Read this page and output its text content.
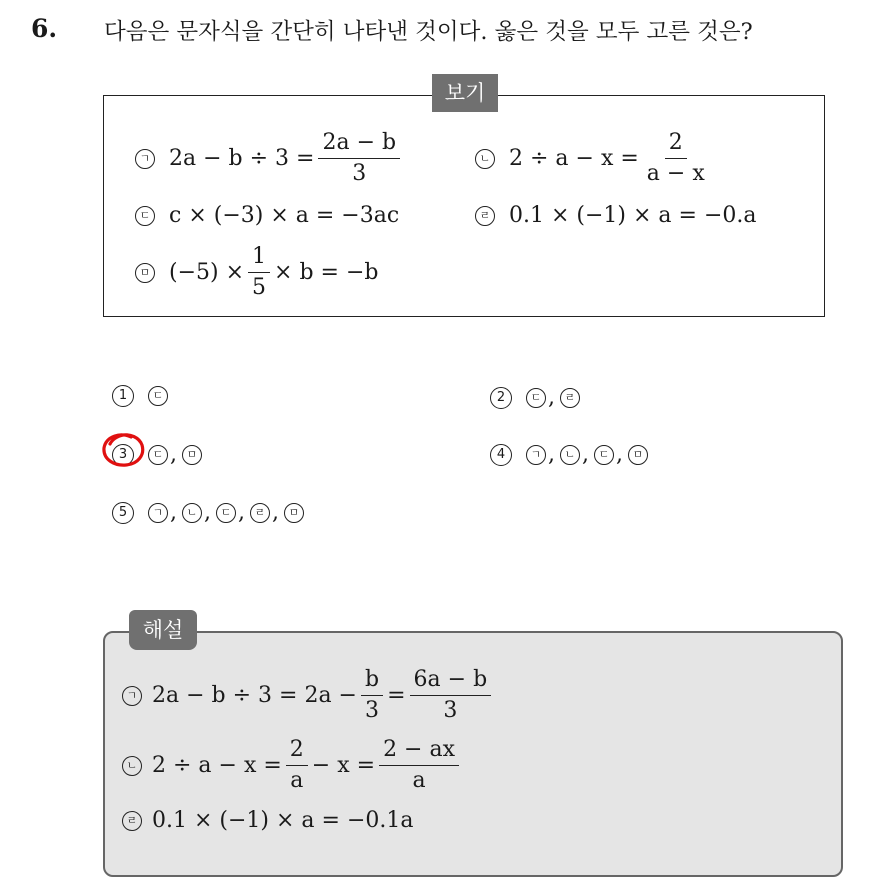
6. 다음은 문자식을 간단히 나타낸 것이다. 옳은 것을 모두 고른 것은?
보기
ㄱ $2a - b \div 3 = \frac{2a - b}{3}$	ㄴ $2 \div a - x = \frac{2}{a - x}$
ㄷ c × (−3) × a = −3ac	ㄹ 0.1 × (−1) × a = −0.a
ㅁ $(-5) \times \frac{1}{5} \times b = -b$
1	ㄷ	2	ㄷ , ㄹ
3	ㄷ , ㅁ	4	ㄱ , ㄴ , ㄷ , ㅁ
5	ㄱ , ㄴ , ㄷ , ㄹ , ㅁ
해설
ㄱ $2a - b \div 3 = 2a - \frac{b}{3} = \frac{6a - b}{3}$
ㄴ $2 \div a - x = \frac{2}{a} - x = \frac{2 - ax}{a}$
ㄹ 0.1 × (−1) × a = −0.1a
